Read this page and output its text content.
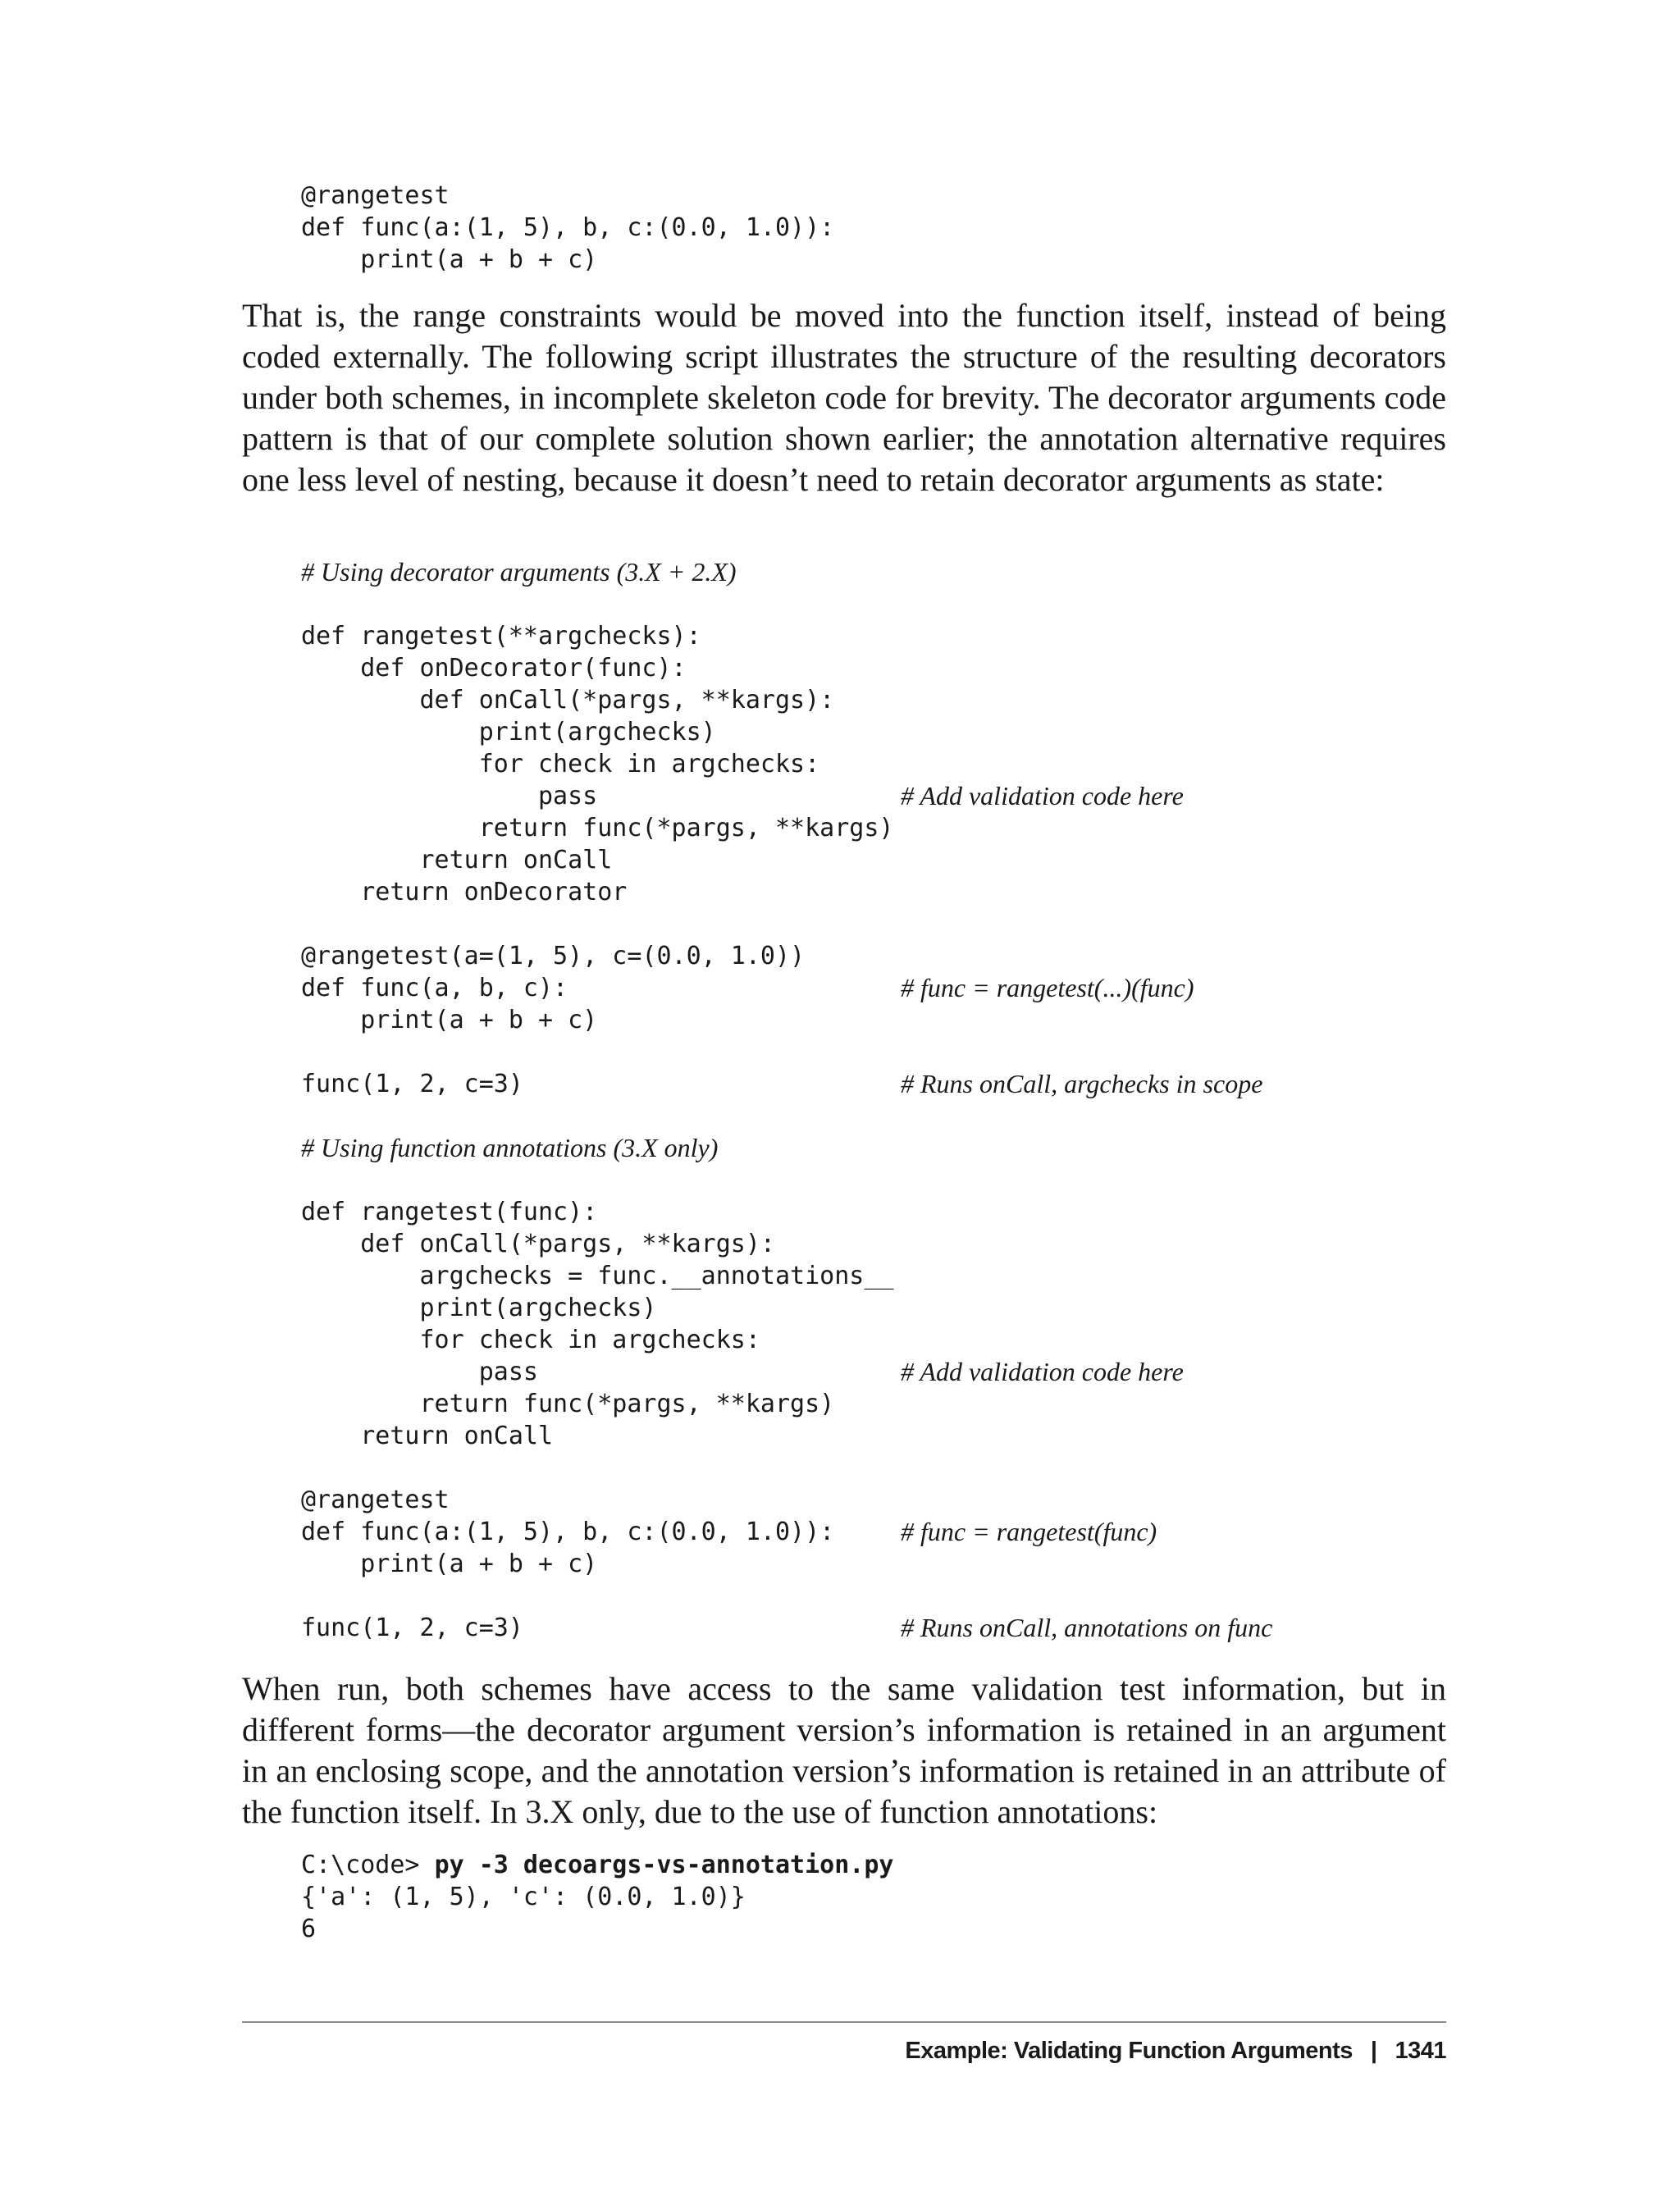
@rangetest
def func(a:(1, 5), b, c:(0.0, 1.0)):
print(a + b + c)

That is, the range constraints would be moved into the function itself, instead of being coded externally. The following script illustrates the structure of the resulting decorators under both schemes, in incomplete skeleton code for brevity. The decorator arguments code pattern is that of our complete solution shown earlier; the annotation alternative requires one less level of nesting, because it doesn’t need to retain decorator arguments as state:

# Using decorator arguments (3.X + 2.X)
def rangetest(**argchecks):
def onDecorator(func):
def onCall(*pargs, **kargs):
print(argchecks)
for check in argchecks:
pass	# Add validation code here
return func(*pargs, **kargs)
return onCall
return onDecorator
@rangetest(a=(1, 5), c=(0.0, 1.0))
def func(a, b, c):	# func = rangetest(...)(func)
print(a + b + c)
func(1, 2, c=3)	# Runs onCall, argchecks in scope
# Using function annotations (3.X only)
def rangetest(func):
def onCall(*pargs, **kargs):
argchecks = func.__annotations__
print(argchecks)
for check in argchecks:
pass	# Add validation code here
return func(*pargs, **kargs)
return onCall
@rangetest
def func(a:(1, 5), b, c:(0.0, 1.0)):	# func = rangetest(func)
print(a + b + c)
func(1, 2, c=3)	# Runs onCall, annotations on func

When run, both schemes have access to the same validation test information, but in different forms—the decorator argument version’s information is retained in an argument in an enclosing scope, and the annotation version’s information is retained in an attribute of the function itself. In 3.X only, due to the use of function annotations:

C:\code> py -3 decoargs-vs-annotation.py
{'a': (1, 5), 'c': (0.0, 1.0)}
6
Example: Validating Function Arguments | 1341
